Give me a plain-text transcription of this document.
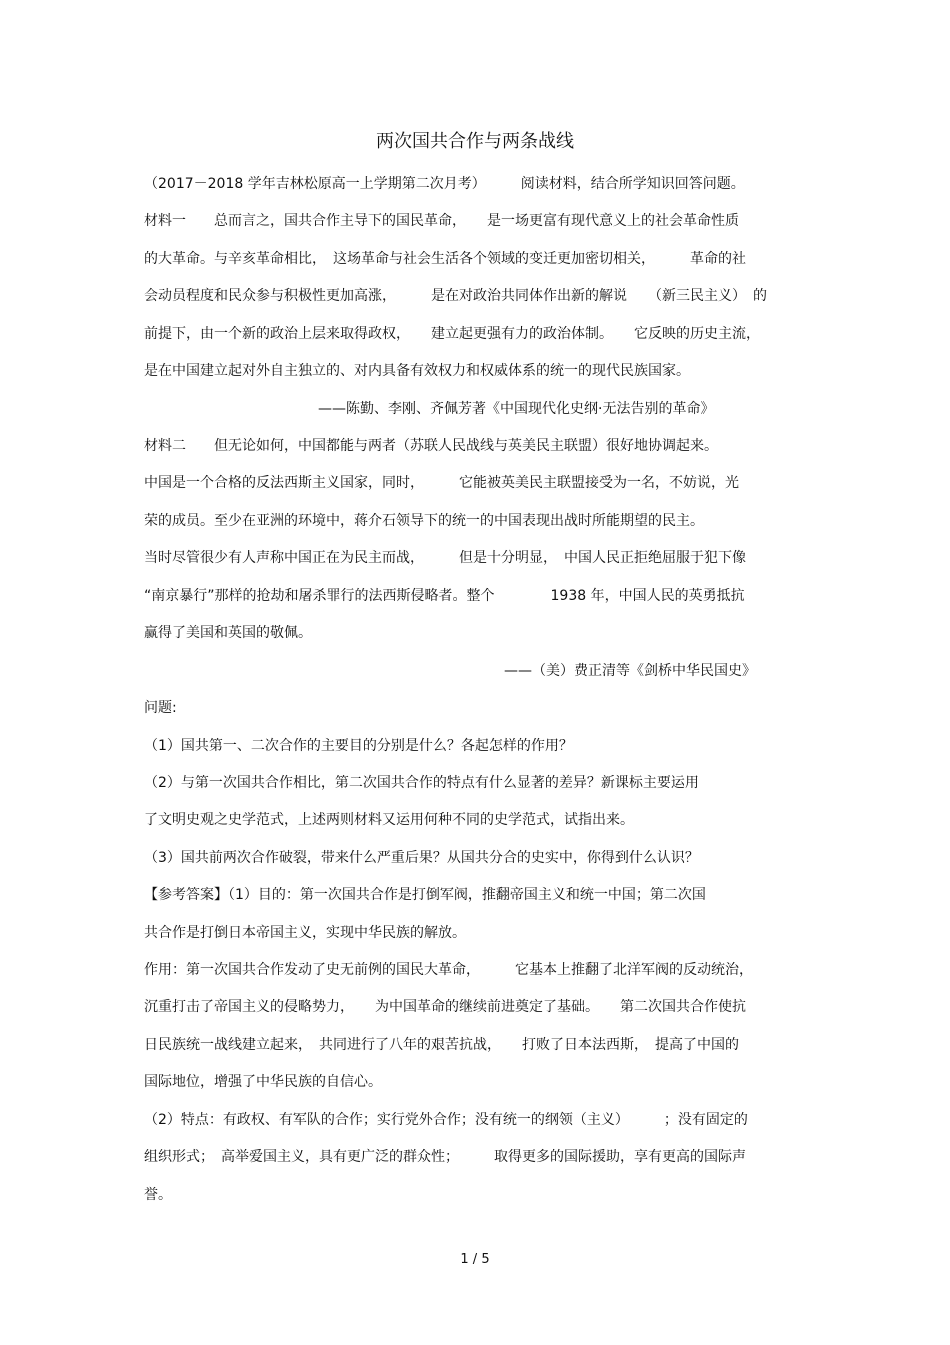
两次国共合作与两条战线
（2017－2018 学年吉林松原高一上学期第二次月考）　　　阅读材料，结合所学知识回答问题。
材料一　　总而言之，国共合作主导下的国民革命，　　是一场更富有现代意义上的社会革命性质
的大革命。与辛亥革命相比，　这场革命与社会生活各个领域的变迁更加密切相关，　　　革命的社
会动员程度和民众参与积极性更加高涨，　　　是在对政治共同体作出新的解说　　（新三民主义）　的
前提下，由一个新的政治上层来取得政权，　　建立起更强有力的政治体制。　　它反映的历史主流，
是在中国建立起对外自主独立的、对内具备有效权力和权威体系的统一的现代民族国家。
——陈勤、李刚、齐佩芳著《中国现代化史纲·无法告别的革命》
材料二　　但无论如何，中国都能与两者（苏联人民战线与英美民主联盟）很好地协调起来。
中国是一个合格的反法西斯主义国家，同时，　　　它能被英美民主联盟接受为一名，不妨说，光
荣的成员。至少在亚洲的环境中，蒋介石领导下的统一的中国表现出战时所能期望的民主。
当时尽管很少有人声称中国正在为民主而战，　　　但是十分明显，　中国人民正拒绝屈服于犯下像
“南京暴行”那样的抢劫和屠杀罪行的法西斯侵略者。整个　　　　1938 年，中国人民的英勇抵抗
赢得了美国和英国的敬佩。
——（美）费正清等《剑桥中华民国史》
问题:
（1）国共第一、二次合作的主要目的分别是什么？各起怎样的作用？
（2）与第一次国共合作相比，第二次国共合作的特点有什么显著的差异？新课标主要运用
了文明史观之史学范式，上述两则材料又运用何种不同的史学范式，试指出来。
（3）国共前两次合作破裂，带来什么严重后果？从国共分合的史实中，你得到什么认识？
【参考答案】（1）目的：第一次国共合作是打倒军阀，推翻帝国主义和统一中国；第二次国
共合作是打倒日本帝国主义，实现中华民族的解放。
作用：第一次国共合作发动了史无前例的国民大革命，　　　它基本上推翻了北洋军阀的反动统治，
沉重打击了帝国主义的侵略势力，　　为中国革命的继续前进奠定了基础。　　第二次国共合作使抗
日民族统一战线建立起来，　共同进行了八年的艰苦抗战，　　打败了日本法西斯，　提高了中国的
国际地位，增强了中华民族的自信心。
（2）特点：有政权、有军队的合作；实行党外合作；没有统一的纲领（主义）　　　；没有固定的
组织形式；　高举爱国主义，具有更广泛的群众性；　　　取得更多的国际援助，享有更高的国际声
誉。
1 / 5
